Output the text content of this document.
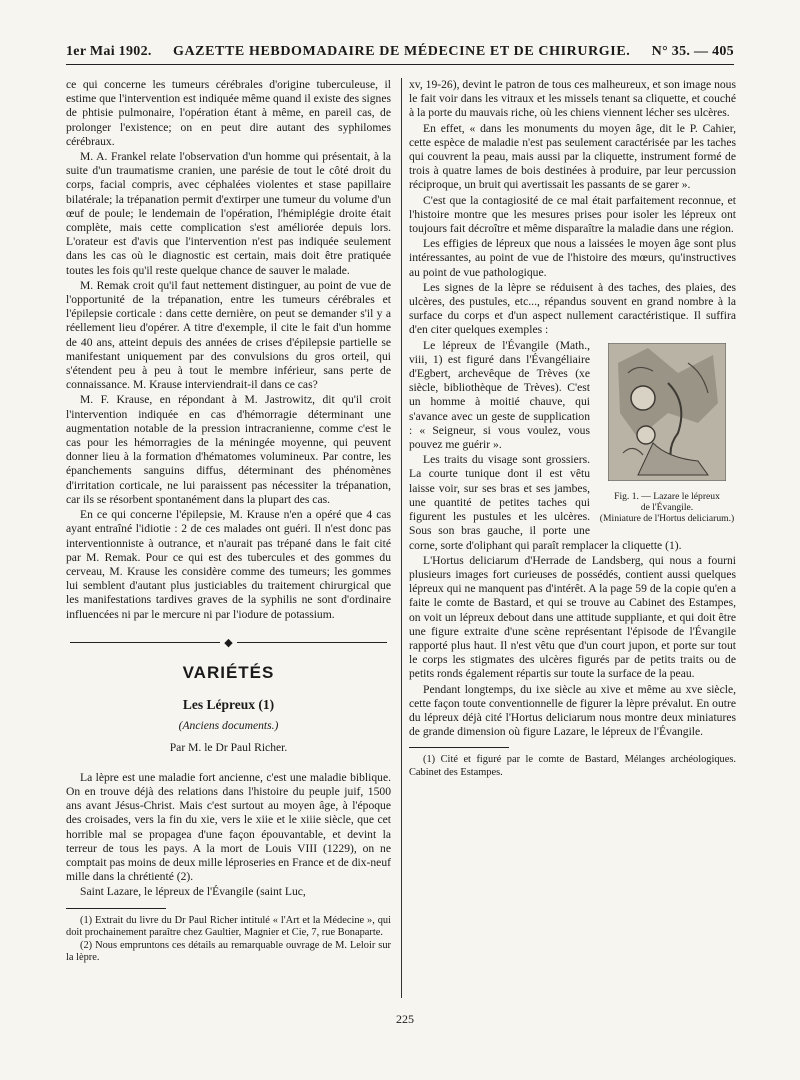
1er Mai 1902. GAZETTE HEBDOMADAIRE DE MÉDECINE ET DE CHIRURGIE. N° 35. — 405

ce qui concerne les tumeurs cérébrales d'origine tuberculeuse, il estime que l'intervention est indiquée même quand il existe des signes de phtisie pulmonaire, l'opération étant à même, en pareil cas, de prolonger l'existence; on en peut dire autant des syphilomes cérébraux.

M. A. Frankel relate l'observation d'un homme qui présentait, à la suite d'un traumatisme cranien, une parésie de tout le côté droit du corps, facial compris, avec céphalées violentes et stase papillaire bilatérale; la trépanation permit d'extirper une tumeur du volume d'un œuf de poule; le lendemain de l'opération, l'hémiplégie droite était complète, mais cette complication s'est améliorée depuis lors. L'orateur est d'avis que l'intervention n'est pas indiquée seulement dans les cas où le diagnostic est certain, mais doit être pratiquée toutes les fois qu'il reste quelque chance de sauver le malade.

M. Remak croit qu'il faut nettement distinguer, au point de vue de l'opportunité de la trépanation, entre les tumeurs cérébrales et l'épilepsie corticale : dans cette dernière, on peut se demander s'il y a réellement lieu d'opérer. A titre d'exemple, il cite le fait d'un homme de 40 ans, atteint depuis des années de crises d'épilepsie partielle se manifestant uniquement par des convulsions du gros orteil, qui s'étendent peu à peu à tout le membre inférieur, sans perte de connaissance. M. Krause interviendrait-il dans ce cas?

M. F. Krause, en répondant à M. Jastrowitz, dit qu'il croit l'intervention indiquée en cas d'hémorragie déterminant une augmentation notable de la pression intracranienne, comme c'est le cas pour les hémorragies de la méningée moyenne, qui peuvent donner lieu à la formation d'hématomes volumineux. Par contre, les épanchements sanguins diffus, déterminant des phénomènes d'irritation corticale, ne lui paraissent pas nécessiter la trépanation, car ils se résorbent spontanément dans la plupart des cas.

En ce qui concerne l'épilepsie, M. Krause n'en a opéré que 4 cas ayant entraîné l'idiotie : 2 de ces malades ont guéri. Il n'est donc pas interventionniste à outrance, et n'aurait pas trépané dans le fait cité par M. Remak. Pour ce qui est des tubercules et des gommes du cerveau, M. Krause les considère comme des tumeurs; les gommes lui semblent d'autant plus justiciables du traitement chirurgical que les manifestations tardives graves de la syphilis ne sont d'ordinaire influencées ni par le mercure ni par l'iodure de potassium.

◆
VARIÉTÉS
Les Lépreux (1)
(Anciens documents.)
Par M. le Dr Paul Richer.

La lèpre est une maladie fort ancienne, c'est une maladie biblique. On en trouve déjà des relations dans l'histoire du peuple juif, 1500 ans avant Jésus-Christ. Mais c'est surtout au moyen âge, à l'époque des croisades, vers la fin du xie, vers le xiie et le xiiie siècle, que cet horrible mal se propagea d'une façon épouvantable, et devint la terreur de tous les pays. A la mort de Louis VIII (1229), on ne comptait pas moins de deux mille léproseries en France et de dix-neuf mille dans la chrétienté (2).

Saint Lazare, le lépreux de l'Évangile (saint Luc,

(1) Extrait du livre du Dr Paul Richer intitulé « l'Art et la Médecine », qui doit prochainement paraître chez Gaultier, Magnier et Cie, 7, rue Bonaparte.

(2) Nous empruntons ces détails au remarquable ouvrage de M. Leloir sur la lèpre.

xv, 19-26), devint le patron de tous ces malheureux, et son image nous le fait voir dans les vitraux et les missels tenant sa cliquette, et couché à la porte du mauvais riche, où les chiens viennent lécher ses ulcères.

En effet, « dans les monuments du moyen âge, dit le P. Cahier, cette espèce de maladie n'est pas seulement caractérisée par les taches qui couvrent la peau, mais aussi par la cliquette, instrument formé de trois à quatre lames de bois destinées à produire, par leur percussion réciproque, un bruit qui avertissait les passants de se garer ».

C'est que la contagiosité de ce mal était parfaitement reconnue, et l'histoire montre que les mesures prises pour isoler les lépreux ont toujours fait décroître et même disparaître la maladie dans une région.

Les effigies de lépreux que nous a laissées le moyen âge sont plus intéressantes, au point de vue de l'histoire des mœurs, qu'instructives au point de vue pathologique.

Les signes de la lèpre se réduisent à des taches, des plaies, des ulcères, des pustules, etc..., répandus souvent en grand nombre à la surface du corps et d'un aspect nullement caractéristique. Il suffira d'en citer quelques exemples :

Fig. 1. — Lazare le lépreux
de l'Évangile.
(Miniature de l'Hortus deliciarum.)

Le lépreux de l'Évangile (Math., viii, 1) est figuré dans l'Évangéliaire d'Egbert, archevêque de Trèves (xe siècle, bibliothèque de Trèves). C'est un homme à moitié chauve, qui s'avance avec un geste de supplication : « Seigneur, si vous voulez, vous pouvez me guérir ».

Les traits du visage sont grossiers. La courte tunique dont il est vêtu laisse voir, sur ses bras et ses jambes, une quantité de petites taches qui figurent les pustules et les ulcères. Sous son bras gauche, il porte une corne, sorte d'oliphant qui paraît remplacer la cliquette (1).

L'Hortus deliciarum d'Herrade de Landsberg, qui nous a fourni plusieurs images fort curieuses de possédés, contient aussi quelques lépreux qui ne manquent pas d'intérêt. A la page 59 de la copie qu'en a faite le comte de Bastard, et qui se trouve au Cabinet des Estampes, on voit un lépreux debout dans une attitude suppliante, et qui doit être une figure extraite d'une scène représentant l'épisode de l'Évangile rapporté plus haut. Il n'est vêtu que d'un court jupon, et porte sur tout le corps les stigmates des ulcères figurés par de petits traits ou de petits ronds également répartis sur toute la surface de la peau.

Pendant longtemps, du ixe siècle au xive et même au xve siècle, cette façon toute conventionnelle de figurer la lèpre prévalut. En outre du lépreux déjà cité l'Hortus deliciarum nous montre deux miniatures de grande dimension où figure Lazare, le lépreux de l'Évangile.

(1) Cité et figuré par le comte de Bastard, Mélanges archéologiques. Cabinet des Estampes.

225
